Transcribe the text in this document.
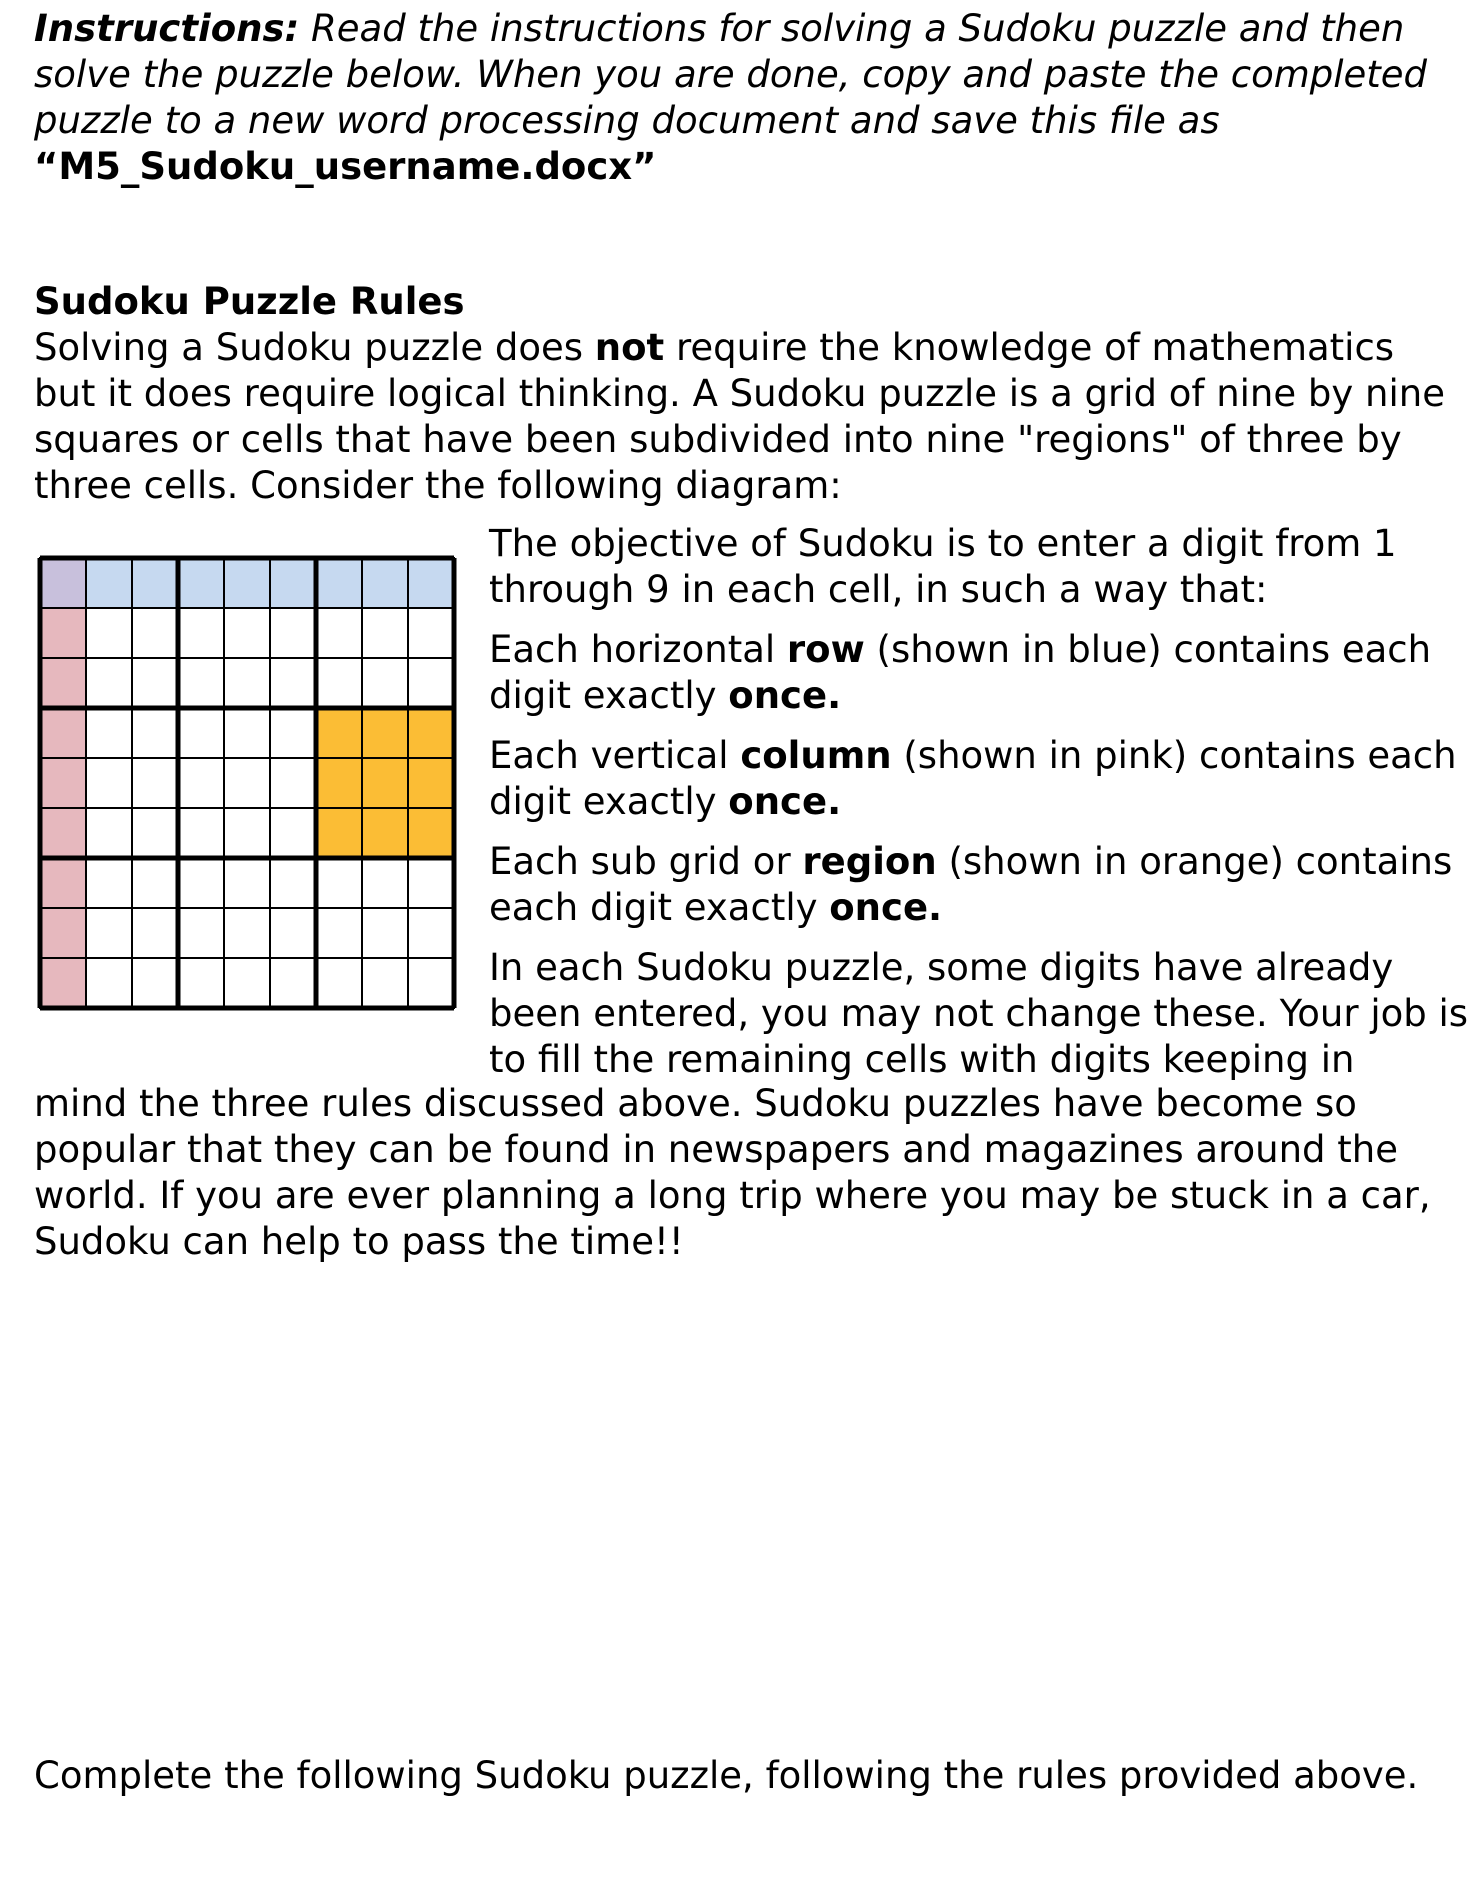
Instructions: Read the instructions for solving a Sudoku puzzle and then solve the puzzle below. When you are done, copy and paste the completed puzzle to a new word processing document and save this file as
“M5_Sudoku_username.docx”

Sudoku Puzzle Rules

Solving a Sudoku puzzle does not require the knowledge of mathematics but it does require logical thinking. A Sudoku puzzle is a grid of nine by nine squares or cells that have been subdivided into nine "regions" of three by three cells. Consider the following diagram:

The objective of Sudoku is to enter a digit from 1 through 9 in each cell, in such a way that:

Each horizontal row (shown in blue) contains each digit exactly once.

Each vertical column (shown in pink) contains each digit exactly once.

Each sub grid or region (shown in orange) contains each digit exactly once.

In each Sudoku puzzle, some digits have already been entered, you may not change these. Your job is to fill the remaining cells with digits keeping in

mind the three rules discussed above. Sudoku puzzles have become so popular that they can be found in newspapers and magazines around the world. If you are ever planning a long trip where you may be stuck in a car, Sudoku can help to pass the time!!

Complete the following Sudoku puzzle, following the rules provided above.
